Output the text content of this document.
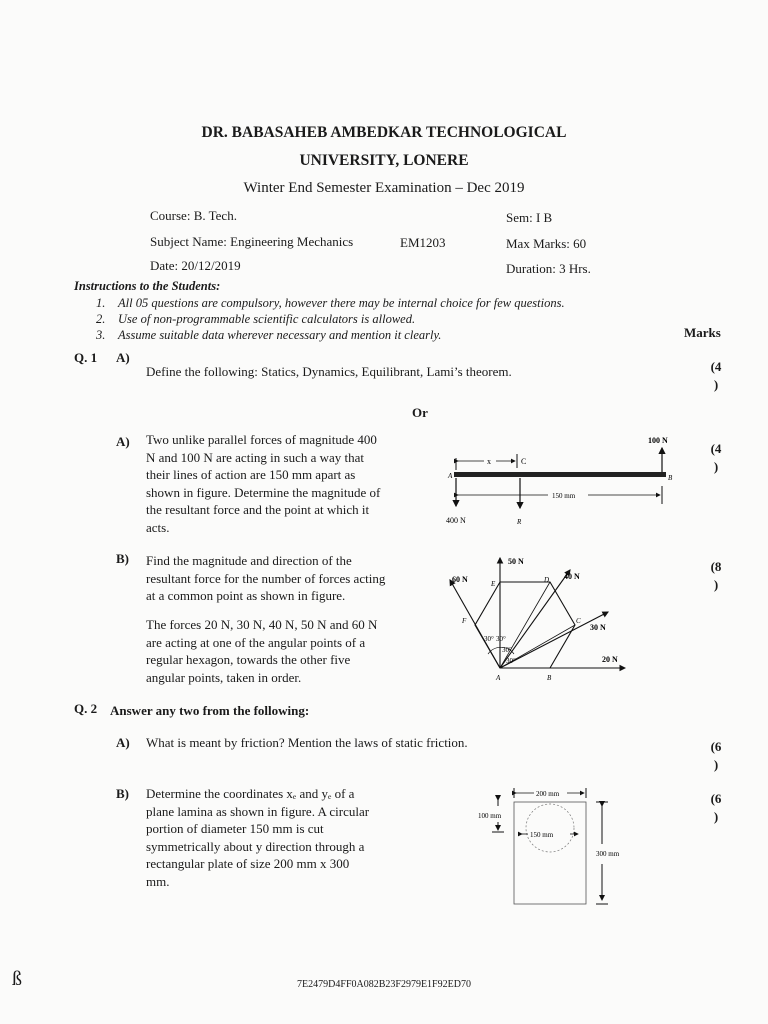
DR. BABASAHEB AMBEDKAR TECHNOLOGICAL
UNIVERSITY, LONERE
Winter End Semester Examination – Dec 2019
Course: B. Tech.	Sem: I B
Subject Name: Engineering Mechanics	EM1203	Max Marks: 60
Date: 20/12/2019	Duration: 3 Hrs.
Instructions to the Students:
1. All 05 questions are compulsory, however there may be internal choice for few questions.
2. Use of non-programmable scientific calculators is allowed.
3. Assume suitable data wherever necessary and mention it clearly.	Marks
Q. 1 A)
Define the following: Statics, Dynamics, Equilibrant, Lami’s theorem.	(4
)
Or
A) Two unlike parallel forces of magnitude 400
N and 100 N are acting in such a way that
their lines of action are 150 mm apart as
shown in figure. Determine the magnitude of
the resultant force and the point at which it
acts.
(4
)
100 N
x	C
A	B
150 mm
400 N	R
B) Find the magnitude and direction of the
resultant force for the number of forces acting
at a common point as shown in figure.
The forces 20 N, 30 N, 40 N, 50 N and 60 N
are acting at one of the angular points of a
regular hexagon, towards the other five
angular points, taken in order.
(8
)
50 N
40 N
60 N
30 N
20 N
E	D
C
F
A	B
30° 30°
30°
30°
Q. 2 Answer any two from the following:
A) What is meant by friction? Mention the laws of static friction.	(6
)
B) Determine the coordinates xₑ and yₑ of a
plane lamina as shown in figure. A circular
portion of diameter 150 mm is cut
symmetrically about y direction through a
rectangular plate of size 200 mm x 300
mm.
(6
)
200 mm
100 mm
150 mm
300 mm
ß	7E2479D4FF0A082B23F2979E1F92ED70
